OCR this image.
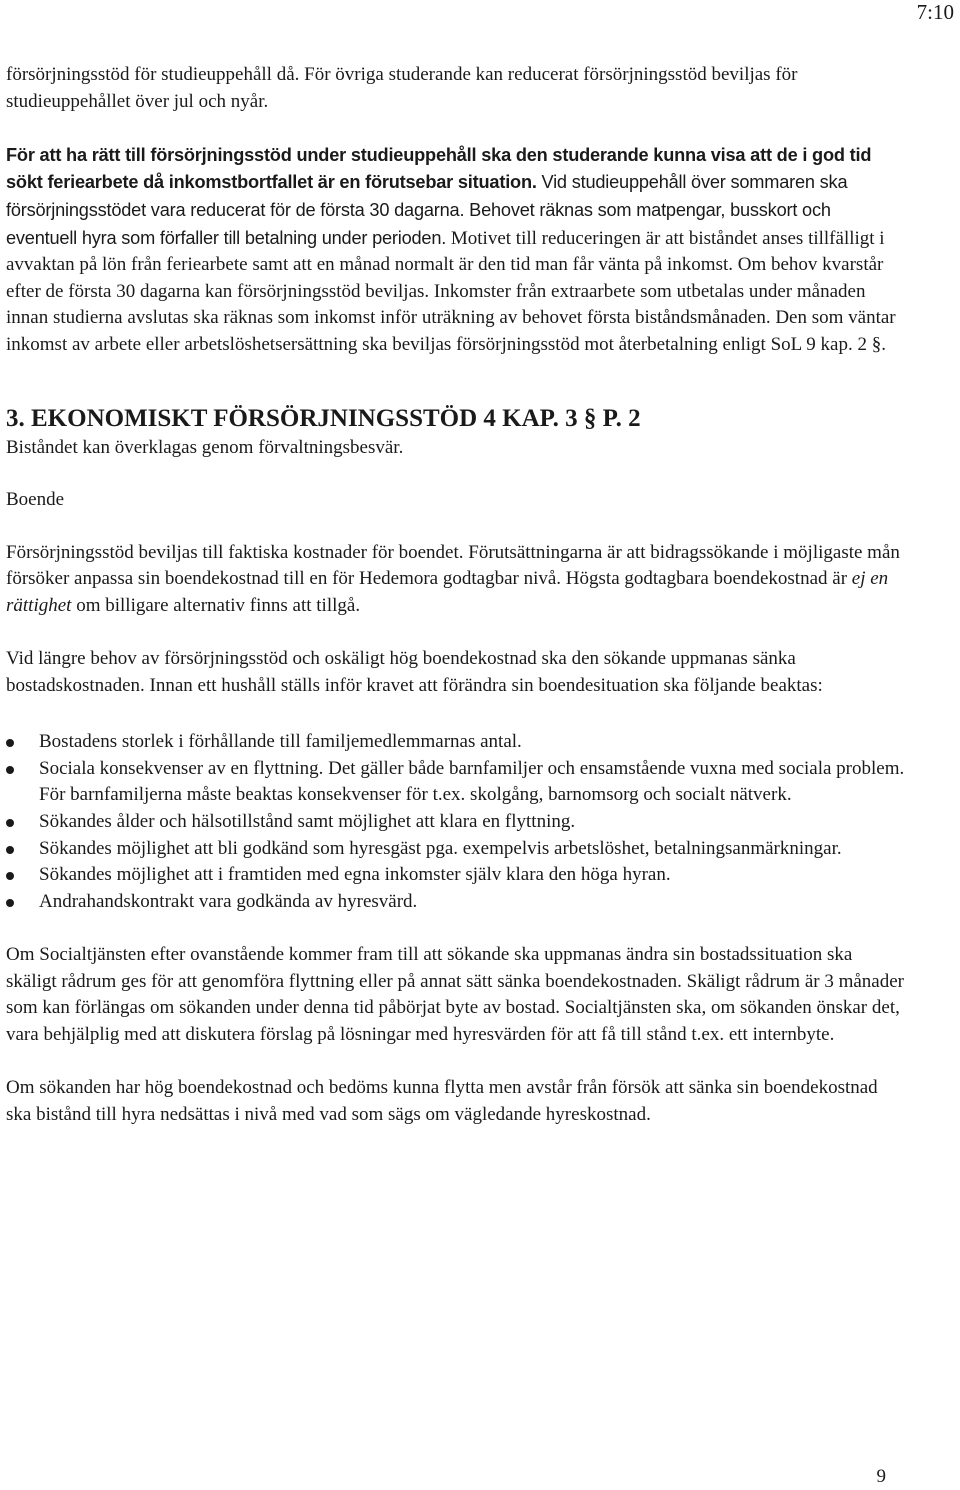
7:10

försörjningsstöd för studieuppehåll då. För övriga studerande kan reducerat försörjningsstöd beviljas för studieuppehållet över jul och nyår.

För att ha rätt till försörjningsstöd under studieuppehåll ska den studerande kunna visa att de i god tid sökt feriearbete då inkomstbortfallet är en förutsebar situation. Vid studieuppehåll över sommaren ska försörjningsstödet vara reducerat för de första 30 dagarna. Behovet räknas som matpengar, busskort och eventuell hyra som förfaller till betalning under perioden. Motivet till reduceringen är att biståndet anses tillfälligt i avvaktan på lön från feriearbete samt att en månad normalt är den tid man får vänta på inkomst. Om behov kvarstår efter de första 30 dagarna kan försörjningsstöd beviljas. Inkomster från extraarbete som utbetalas under månaden innan studierna avslutas ska räknas som inkomst inför uträkning av behovet första biståndsmånaden. Den som väntar inkomst av arbete eller arbetslöshetsersättning ska beviljas försörjningsstöd mot återbetalning enligt SoL 9 kap. 2 §.

3. EKONOMISKT FÖRSÖRJNINGSSTÖD 4 KAP. 3 § P. 2

Biståndet kan överklagas genom förvaltningsbesvär.

Boende

Försörjningsstöd beviljas till faktiska kostnader för boendet. Förutsättningarna är att bidragssökande i möjligaste mån försöker anpassa sin boendekostnad till en för Hedemora godtagbar nivå. Högsta godtagbara boendekostnad är ej en rättighet om billigare alternativ finns att tillgå.

Vid längre behov av försörjningsstöd och oskäligt hög boendekostnad ska den sökande uppmanas sänka bostadskostnaden. Innan ett hushåll ställs inför kravet att förändra sin boendesituation ska följande beaktas:

Bostadens storlek i förhållande till familjemedlemmarnas antal.
Sociala konsekvenser av en flyttning. Det gäller både barnfamiljer och ensamstående vuxna med sociala problem. För barnfamiljerna måste beaktas konsekvenser för t.ex. skolgång, barnomsorg och socialt nätverk.
Sökandes ålder och hälsotillstånd samt möjlighet att klara en flyttning.
Sökandes möjlighet att bli godkänd som hyresgäst pga. exempelvis arbetslöshet, betalningsanmärkningar.
Sökandes möjlighet att i framtiden med egna inkomster själv klara den höga hyran.
Andrahandskontrakt vara godkända av hyresvärd.

Om Socialtjänsten efter ovanstående kommer fram till att sökande ska uppmanas ändra sin bostadssituation ska skäligt rådrum ges för att genomföra flyttning eller på annat sätt sänka boendekostnaden. Skäligt rådrum är 3 månader som kan förlängas om sökanden under denna tid påbörjat byte av bostad. Socialtjänsten ska, om sökanden önskar det, vara behjälplig med att diskutera förslag på lösningar med hyresvärden för att få till stånd t.ex. ett internbyte.

Om sökanden har hög boendekostnad och bedöms kunna flytta men avstår från försök att sänka sin boendekostnad ska bistånd till hyra nedsättas i nivå med vad som sägs om vägledande hyreskostnad.

9
